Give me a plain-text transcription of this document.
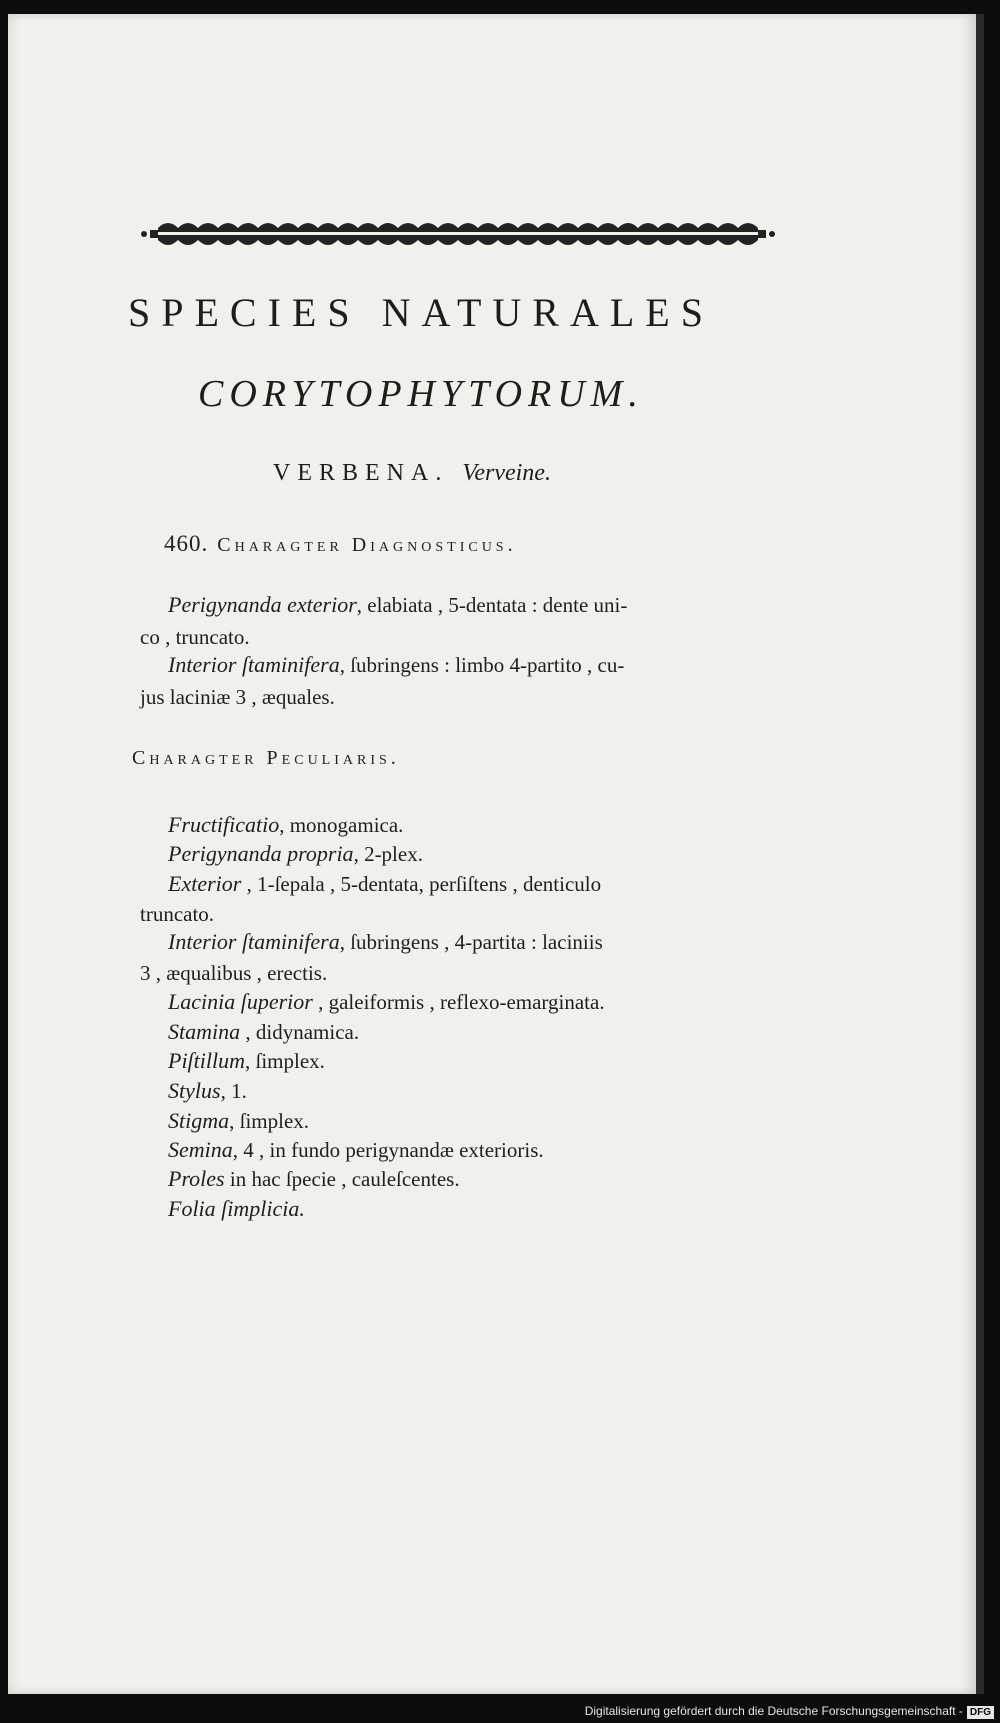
SPECIES NATURALES
CORYTOPHYTORUM.
VERBENA. Verveine.
460. Charagter Diagnosticus.
Perigynanda exterior, elabiata , 5-dentata : dente uni-
co , truncato.
Interior ſtaminifera, ſubringens : limbo 4-partito , cu-
jus laciniæ 3 , æquales.
Charagter Peculiaris.
Fructificatio, monogamica.
Perigynanda propria, 2-plex.
Exterior , 1-ſepala , 5-dentata, perſiſtens , denticulo
truncato.
Interior ſtaminifera, ſubringens , 4-partita : laciniis
3 , æqualibus , erectis.
Lacinia ſuperior , galeiformis , reflexo-emarginata.
Stamina , didynamica.
Piſtillum, ſimplex.
Stylus, 1.
Stigma, ſimplex.
Semina, 4 , in fundo perigynandæ exterioris.
Proles in hac ſpecie , cauleſcentes.
Folia ſimplicia.
Digitalisierung gefördert durch die Deutsche Forschungsgemeinschaft - DFG
